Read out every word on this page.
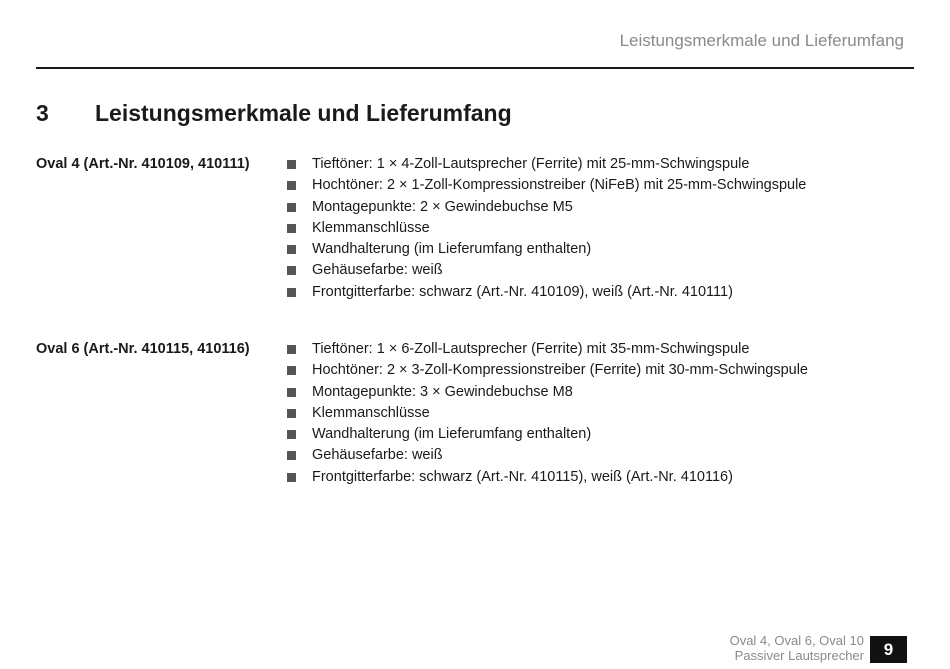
Leistungsmerkmale und Lieferumfang
3 Leistungsmerkmale und Lieferumfang
Oval 4 (Art.-Nr. 410109, 410111)	Tieftöner: 1 × 4-Zoll-Lautsprecher (Ferrite) mit 25-mm-Schwingspule
Hochtöner: 2 × 1-Zoll-Kompressionstreiber (NiFeB) mit 25-mm-Schwingspule
Montagepunkte: 2 × Gewindebuchse M5
Klemmanschlüsse
Wandhalterung (im Lieferumfang enthalten)
Gehäusefarbe: weiß
Frontgitterfarbe: schwarz (Art.-Nr. 410109), weiß (Art.-Nr. 410111)
Oval 6 (Art.-Nr. 410115, 410116)	Tieftöner: 1 × 6-Zoll-Lautsprecher (Ferrite) mit 35-mm-Schwingspule
Hochtöner: 2 × 3-Zoll-Kompressionstreiber (Ferrite) mit 30-mm-Schwingspule
Montagepunkte: 3 × Gewindebuchse M8
Klemmanschlüsse
Wandhalterung (im Lieferumfang enthalten)
Gehäusefarbe: weiß
Frontgitterfarbe: schwarz (Art.-Nr. 410115), weiß (Art.-Nr. 410116)
Oval 4, Oval 6, Oval 10
Passiver Lautsprecher	9
